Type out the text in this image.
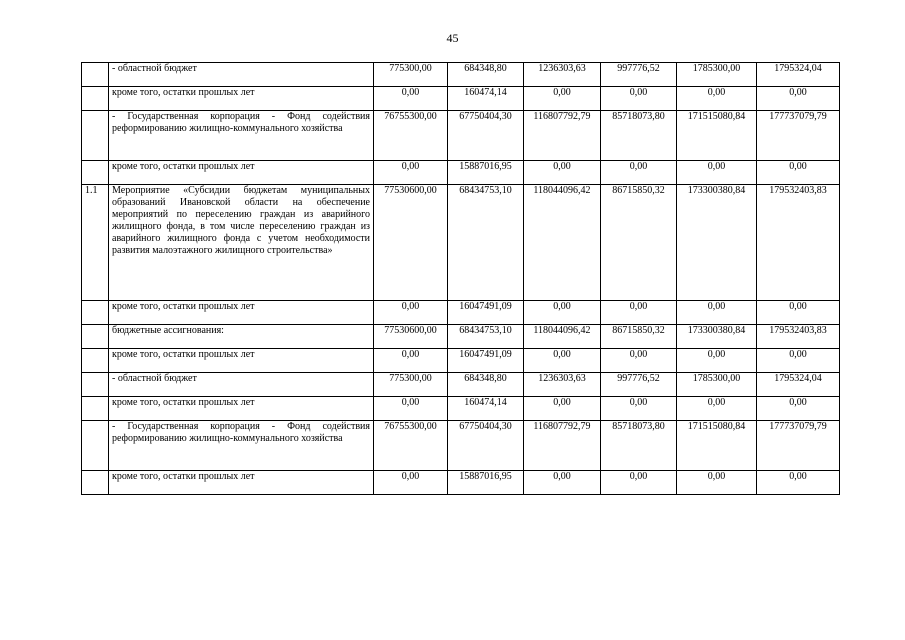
45
	- областной бюджет	775300,00	684348,80	1236303,63	997776,52	1785300,00	1795324,04
	кроме того, остатки прошлых лет	0,00	160474,14	0,00	0,00	0,00	0,00
	- Государственная корпорация - Фонд содействия реформированию жилищно-коммунального хозяйства	76755300,00	67750404,30	116807792,79	85718073,80	171515080,84	177737079,79
	кроме того, остатки прошлых лет	0,00	15887016,95	0,00	0,00	0,00	0,00
1.1	Мероприятие «Субсидии бюджетам муниципальных образований Ивановской области на обеспечение мероприятий по переселению граждан из аварийного жилищного фонда, в том числе переселению граждан из аварийного жилищного фонда с учетом необходимости развития малоэтажного жилищного строительства»	77530600,00	68434753,10	118044096,42	86715850,32	173300380,84	179532403,83
	кроме того, остатки прошлых лет	0,00	16047491,09	0,00	0,00	0,00	0,00
	бюджетные ассигнования:	77530600,00	68434753,10	118044096,42	86715850,32	173300380,84	179532403,83
	кроме того, остатки прошлых лет	0,00	16047491,09	0,00	0,00	0,00	0,00
	- областной бюджет	775300,00	684348,80	1236303,63	997776,52	1785300,00	1795324,04
	кроме того, остатки прошлых лет	0,00	160474,14	0,00	0,00	0,00	0,00
	- Государственная корпорация - Фонд содействия реформированию жилищно-коммунального хозяйства	76755300,00	67750404,30	116807792,79	85718073,80	171515080,84	177737079,79
	кроме того, остатки прошлых лет	0,00	15887016,95	0,00	0,00	0,00	0,00
